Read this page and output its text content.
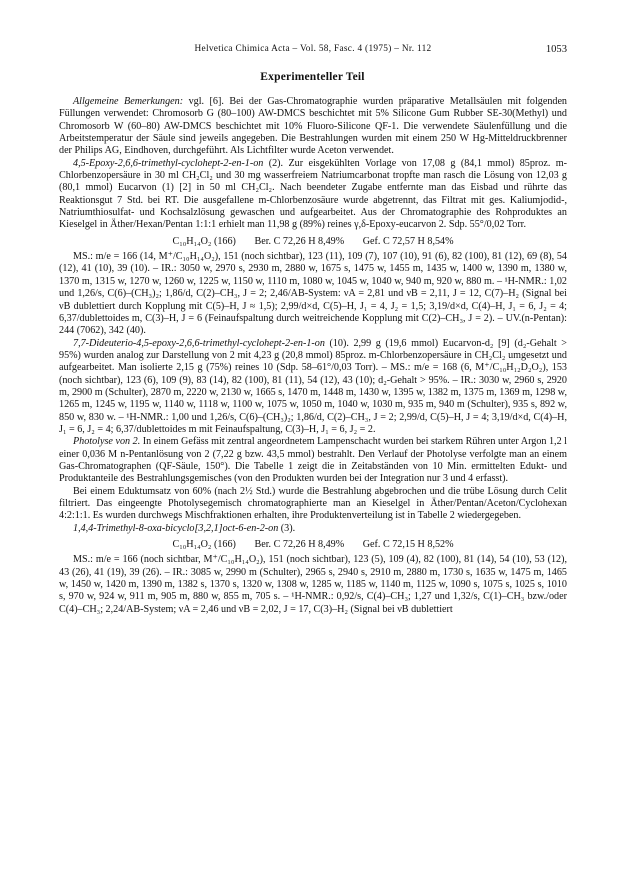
Helvetica Chimica Acta – Vol. 58, Fasc. 4 (1975) – Nr. 112	1053
Experimenteller Teil

Allgemeine Bemerkungen: vgl. [6]. Bei der Gas-Chromatographie wurden präparative Metallsäulen mit folgenden Füllungen verwendet: Chromosorb G (80–100) AW-DMCS beschichtet mit 5% Silicone Gum Rubber SE-30(Methyl) und Chromosorb W (60–80) AW-DMCS beschichtet mit 10% Fluoro-Silicone QF-1. Die verwendete Säulenfüllung und die Arbeitstemperatur der Säule sind jeweils angegeben. Die Bestrahlungen wurden mit einem 250 W Hg-Mitteldruckbrenner der Philips AG, Eindhoven, durchgeführt. Als Lichtfilter wurde Aceton verwendet.

4,5-Epoxy-2,6,6-trimethyl-cyclohept-2-en-1-on (2). Zur eisgekühlten Vorlage von 17,08 g (84,1 mmol) 85proz. m-Chlorbenzopersäure in 30 ml CH₂Cl₂ und 30 mg wasserfreiem Natriumcarbonat tropfte man rasch die Lösung von 12,03 g (80,1 mmol) Eucarvon (1) [2] in 50 ml CH₂Cl₂. Nach beendeter Zugabe entfernte man das Eisbad und rührte das Reaktionsgut 7 Std. bei RT. Die ausgefallene m-Chlorbenzosäure wurde abgetrennt, das Filtrat mit ges. Kaliumjodid-, Natriumthiosulfat- und Kochsalzlösung gewaschen und aufgearbeitet. Aus der Chromatographie des Rohproduktes an Kieselgel in Äther/Hexan/Pentan 1:1:1 erhielt man 11,98 g (89%) reines γ,δ-Epoxy-eucarvon 2. Sdp. 55°/0,02 Torr.

C₁₀H₁₄O₂ (166) Ber. C 72,26 H 8,49% Gef. C 72,57 H 8,54%

MS.: m/e = 166 (14, M⁺/C₁₀H₁₄O₂), 151 (noch sichtbar), 123 (11), 109 (7), 107 (10), 91 (6), 82 (100), 81 (12), 69 (8), 54 (12), 41 (10), 39 (10). – IR.: 3050 w, 2970 s, 2930 m, 2880 w, 1675 s, 1475 w, 1455 m, 1435 w, 1400 w, 1390 m, 1380 w, 1370 m, 1315 w, 1270 w, 1260 w, 1225 w, 1150 w, 1110 m, 1080 w, 1045 w, 1040 w, 940 m, 920 w, 880 m. – ¹H-NMR.: 1,02 und 1,26/s, C(6)–(CH₃)₂; 1,86/d, C(2)–CH₃, J = 2; 2,46/AB-System: νA = 2,81 und νB = 2,11, J = 12, C(7)–H₂ (Signal bei νB dublettiert durch Kopplung mit C(5)–H, J ≈ 1,5); 2,99/d×d, C(5)–H, J₁ = 4, J₂ = 1,5; 3,19/d×d, C(4)–H, J₁ = 6, J₂ = 4; 6,37/dublettoides m, C(3)–H, J = 6 (Feinaufspaltung durch weitreichende Kopplung mit C(2)–CH₃, J = 2). – UV.(n-Pentan): 244 (7062), 342 (40).

7,7-Dideuterio-4,5-epoxy-2,6,6-trimethyl-cyclohept-2-en-1-on (10). 2,99 g (19,6 mmol) Eucarvon-d₂ [9] (d₂-Gehalt > 95%) wurden analog zur Darstellung von 2 mit 4,23 g (20,8 mmol) 85proz. m-Chlorbenzopersäure in CH₂Cl₂ umgesetzt und aufgearbeitet. Man isolierte 2,15 g (75%) reines 10 (Sdp. 58–61°/0,03 Torr). – MS.: m/e = 168 (6, M⁺/C₁₀H₁₂D₂O₂), 153 (noch sichtbar), 123 (6), 109 (9), 83 (14), 82 (100), 81 (11), 54 (12), 43 (10); d₂-Gehalt > 95%. – IR.: 3030 w, 2960 s, 2920 m, 2900 m (Schulter), 2870 m, 2220 w, 2130 w, 1665 s, 1470 m, 1448 m, 1430 w, 1395 w, 1382 m, 1375 m, 1369 m, 1298 w, 1265 m, 1245 w, 1195 w, 1140 w, 1118 w, 1100 w, 1075 w, 1050 m, 1040 w, 1030 m, 935 m, 940 m (Schulter), 935 s, 892 w, 850 w, 830 w. – ¹H-NMR.: 1,00 und 1,26/s, C(6)–(CH₃)₂; 1,86/d, C(2)–CH₃, J = 2; 2,99/d, C(5)–H, J = 4; 3,19/d×d, C(4)–H, J₁ = 6, J₂ = 4; 6,37/dublettoides m mit Feinaufspaltung, C(3)–H, J₁ = 6, J₂ = 2.

Photolyse von 2. In einem Gefäss mit zentral angeordnetem Lampenschacht wurden bei starkem Rühren unter Argon 1,2 l einer 0,036 M n-Pentanlösung von 2 (7,22 g bzw. 43,5 mmol) bestrahlt. Den Verlauf der Photolyse verfolgte man an einem Gas-Chromatographen (QF-Säule, 150°). Die Tabelle 1 zeigt die in Zeitabständen von 10 Min. ermittelten Edukt- und Produktanteile des Bestrahlungsgemisches (von den Produkten wurden bei der Integration nur 3 und 4 erfasst).

Bei einem Eduktumsatz von 60% (nach 2½ Std.) wurde die Bestrahlung abgebrochen und die trübe Lösung durch Celit filtriert. Das eingeengte Photolysegemisch chromatographierte man an Kieselgel in Äther/Pentan/Aceton/Cyclohexan 4:2:1:1. Es wurden durchwegs Mischfraktionen erhalten, ihre Produktenverteilung ist in Tabelle 2 wiedergegeben.

1,4,4-Trimethyl-8-oxa-bicyclo[3,2,1]oct-6-en-2-on (3).

C₁₀H₁₄O₂ (166) Ber. C 72,26 H 8,49% Gef. C 72,15 H 8,52%

MS.: m/e = 166 (noch sichtbar, M⁺/C₁₀H₁₄O₂), 151 (noch sichtbar), 123 (5), 109 (4), 82 (100), 81 (14), 54 (10), 53 (12), 43 (26), 41 (19), 39 (26). – IR.: 3085 w, 2990 m (Schulter), 2965 s, 2940 s, 2910 m, 2880 m, 1730 s, 1635 w, 1475 m, 1465 w, 1450 w, 1420 m, 1390 m, 1382 s, 1370 s, 1320 w, 1308 w, 1285 w, 1185 w, 1140 m, 1125 w, 1090 s, 1075 s, 1025 s, 1010 s, 970 w, 924 w, 911 m, 905 m, 880 w, 855 m, 705 s. – ¹H-NMR.: 0,92/s, C(4)–CH₃; 1,27 und 1,32/s, C(1)–CH₃ bzw./oder C(4)–CH₃; 2,24/AB-System; νA = 2,46 und νB = 2,02, J = 17, C(3)–H₂ (Signal bei νB dublettiert
